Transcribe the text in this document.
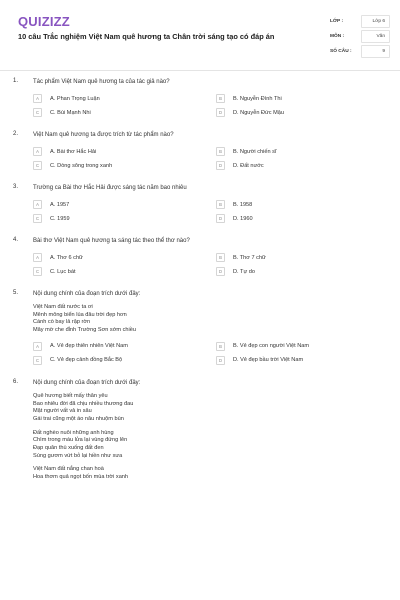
QUIZIZZ
10 câu Trắc nghiệm Việt Nam quê hương ta Chân trời sáng tạo có đáp án
LỚP :	Lớp 6
MÔN :	Văn
SỐ CÂU :	9
1. Tác phẩm Việt Nam quê hương ta của tác giả nào?
A	A. Phan Trọng Luận	B	B. Nguyễn Đình Thi
C	C. Bùi Mạnh Nhi	D	D. Nguyễn Đức Mậu
2. Việt Nam quê hương ta được trích từ tác phẩm nào?
A	A. Bài thơ Hắc Hải	B	B. Người chiến sĩ
C	C. Dòng sông trong xanh	D	D. Đất nước
3. Trường ca Bài thơ Hắc Hải được sáng tác năm bao nhiêu
A	A. 1957	B	B. 1958
C	C. 1959	D	D. 1960
4. Bài thơ Việt Nam quê hương ta sáng tác theo thể thơ nào?
A	A. Thơ 6 chữ	B	B. Thơ 7 chữ
C	C. Lục bát	D	D. Tự do
5. Nội dung chính của đoạn trích dưới đây:
Việt Nam đất nước ta ơi
Mênh mông biển lúa đâu trời đẹp hơn
Cánh cò bay lả rập rờn
Mây mờ che đỉnh Trường Sơn sớm chiều
A	A. Vẻ đẹp thiên nhiên Việt Nam	B	B. Vẻ đẹp con người Việt Nam
C	C. Vẻ đẹp cảnh đồng Bắc Bộ	D	D. Vẻ đẹp bầu trời Việt Nam
6. Nội dung chính của đoạn trích dưới đây:
Quê hương biết mấy thân yêu
Bao nhiêu đời đã chịu nhiều thương đau
Mặt người vất vả in sâu
Gái trai cũng một áo nâu nhuộm bùn
Đất nghèo nuôi những anh hùng
Chìm trong máu lửa lại vùng đứng lên
Đạp quân thù xuống đất đen
Súng gươm vứt bỏ lại hiền như xưa
Việt Nam đất nắng chan hoà
Hoa thơm quả ngọt bốn mùa trời xanh
